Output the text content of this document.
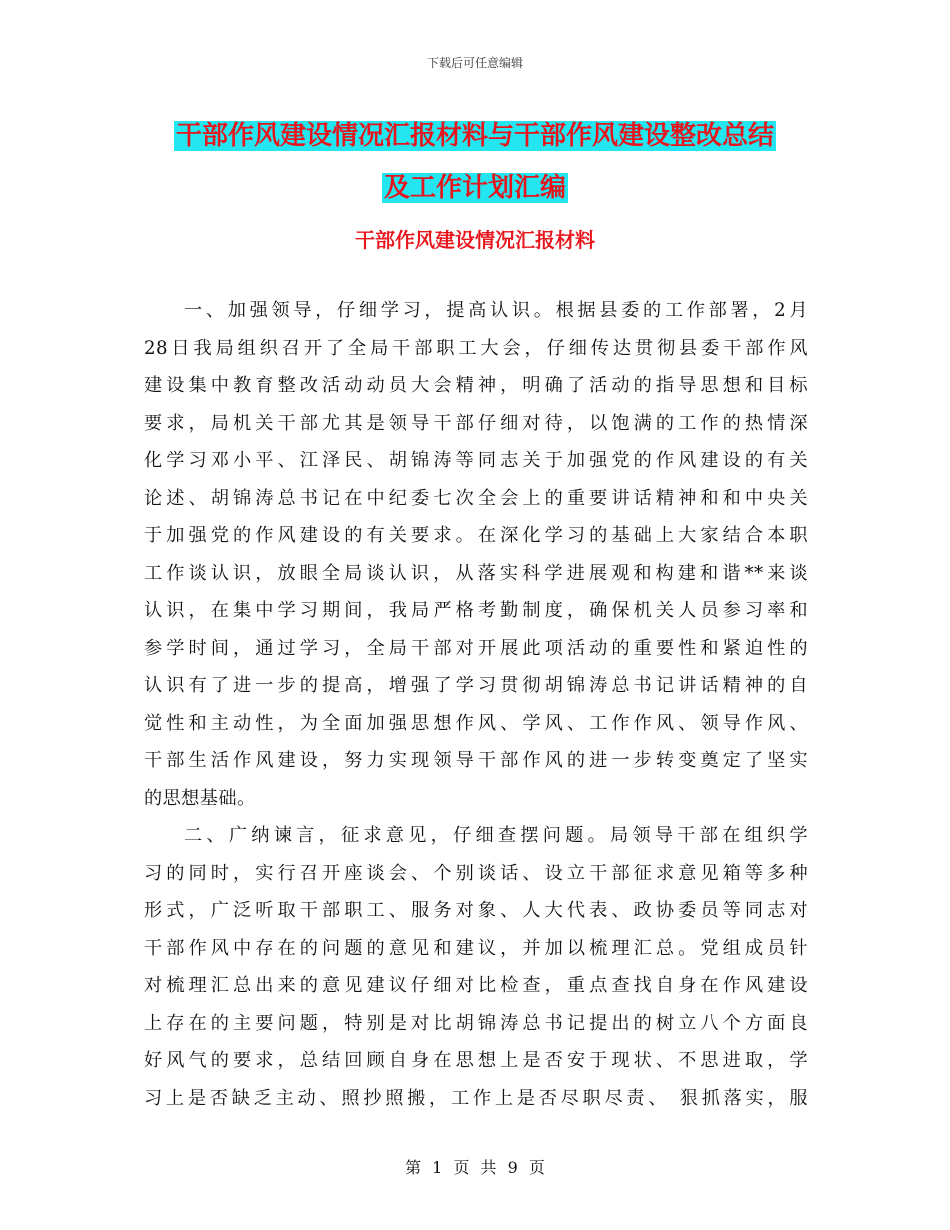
下载后可任意编辑
干部作风建设情况汇报材料与干部作风建设整改总结
及工作计划汇编
干部作风建设情况汇报材料
一、加强领导，仔细学习，提高认识。根据县委的工作部署，2月
28日我局组织召开了全局干部职工大会，仔细传达贯彻县委干部作风
建设集中教育整改活动动员大会精神，明确了活动的指导思想和目标
要求，局机关干部尤其是领导干部仔细对待，以饱满的工作的热情深
化学习邓小平、江泽民、胡锦涛等同志关于加强党的作风建设的有关
论述、胡锦涛总书记在中纪委七次全会上的重要讲话精神和和中央关
于加强党的作风建设的有关要求。在深化学习的基础上大家结合本职
工作谈认识，放眼全局谈认识，从落实科学进展观和构建和谐**来谈
认识，在集中学习期间，我局严格考勤制度，确保机关人员参习率和
参学时间，通过学习，全局干部对开展此项活动的重要性和紧迫性的
认识有了进一步的提高，增强了学习贯彻胡锦涛总书记讲话精神的自
觉性和主动性，为全面加强思想作风、学风、工作作风、领导作风、
干部生活作风建设，努力实现领导干部作风的进一步转变奠定了坚实
的思想基础。
二、广纳谏言，征求意见，仔细查摆问题。局领导干部在组织学
习的同时，实行召开座谈会、个别谈话、设立干部征求意见箱等多种
形式，广泛听取干部职工、服务对象、人大代表、政协委员等同志对
干部作风中存在的问题的意见和建议，并加以梳理汇总。党组成员针
对梳理汇总出来的意见建议仔细对比检查，重点查找自身在作风建设
上存在的主要问题，特别是对比胡锦涛总书记提出的树立八个方面良
好风气的要求，总结回顾自身在思想上是否安于现状、不思进取，学
习上是否缺乏主动、照抄照搬，工作上是否尽职尽责、 狠抓落实，服
第 1 页 共 9 页
